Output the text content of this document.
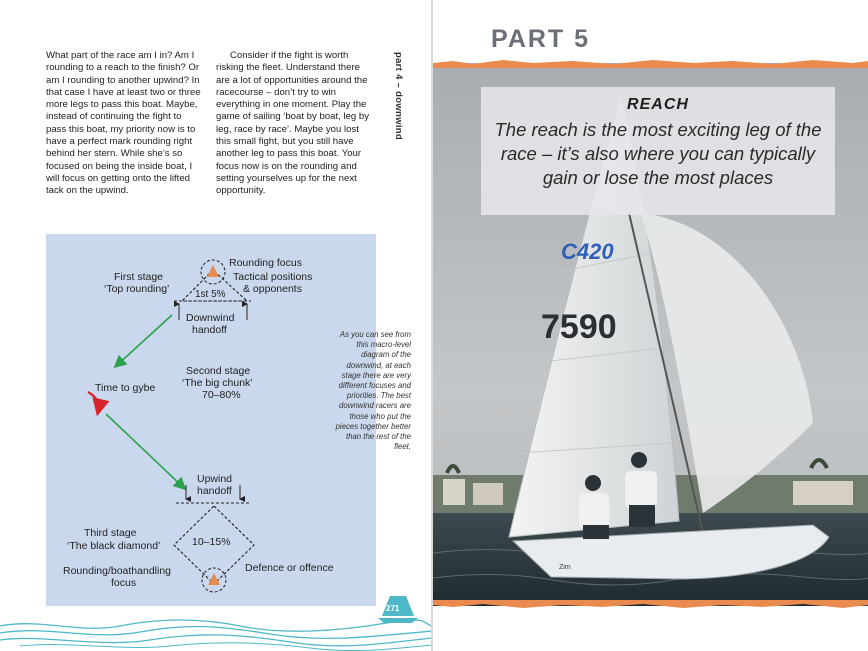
What part of the race am I in? Am I rounding to a reach to the finish? Or am I rounding to another upwind? In that case I have at least two or three more legs to pass this boat. Maybe, instead of continuing the fight to pass this boat, my priority now is to have a perfect mark rounding right behind her stern. While she’s so focused on being the inside boat, I will focus on getting onto the lifted tack on the upwind.
Consider if the fight is worth risking the fleet. Understand there are a lot of opportunities around the racecourse – don’t try to win everything in one moment. Play the game of sailing ‘boat by boat, leg by leg, race by race’. Maybe you lost this small fight, but you still have another leg to pass this boat. Your focus now is on the rounding and setting yourselves up for the next opportunity.
part 4 – downwind
Rounding focus
Tactical positions
& opponents
First stage
‘Top rounding’	1st 5%
Downwind
handoff
Second stage
‘The big chunk’
70–80%
Time to gybe
Upwind
handoff
Third stage
‘The black diamond’	10–15%
Rounding/boathandling
focus
Defence or offence
As you can see from this macro-level diagram of the downwind, at each stage there are very different focuses and priorities. The best downwind racers are those who put the pieces together better than the rest of the fleet.
271
PART 5
C420
7590
Zim
REACH
The reach is the most exciting leg of the race – it’s also where you can typically gain or lose the most places
